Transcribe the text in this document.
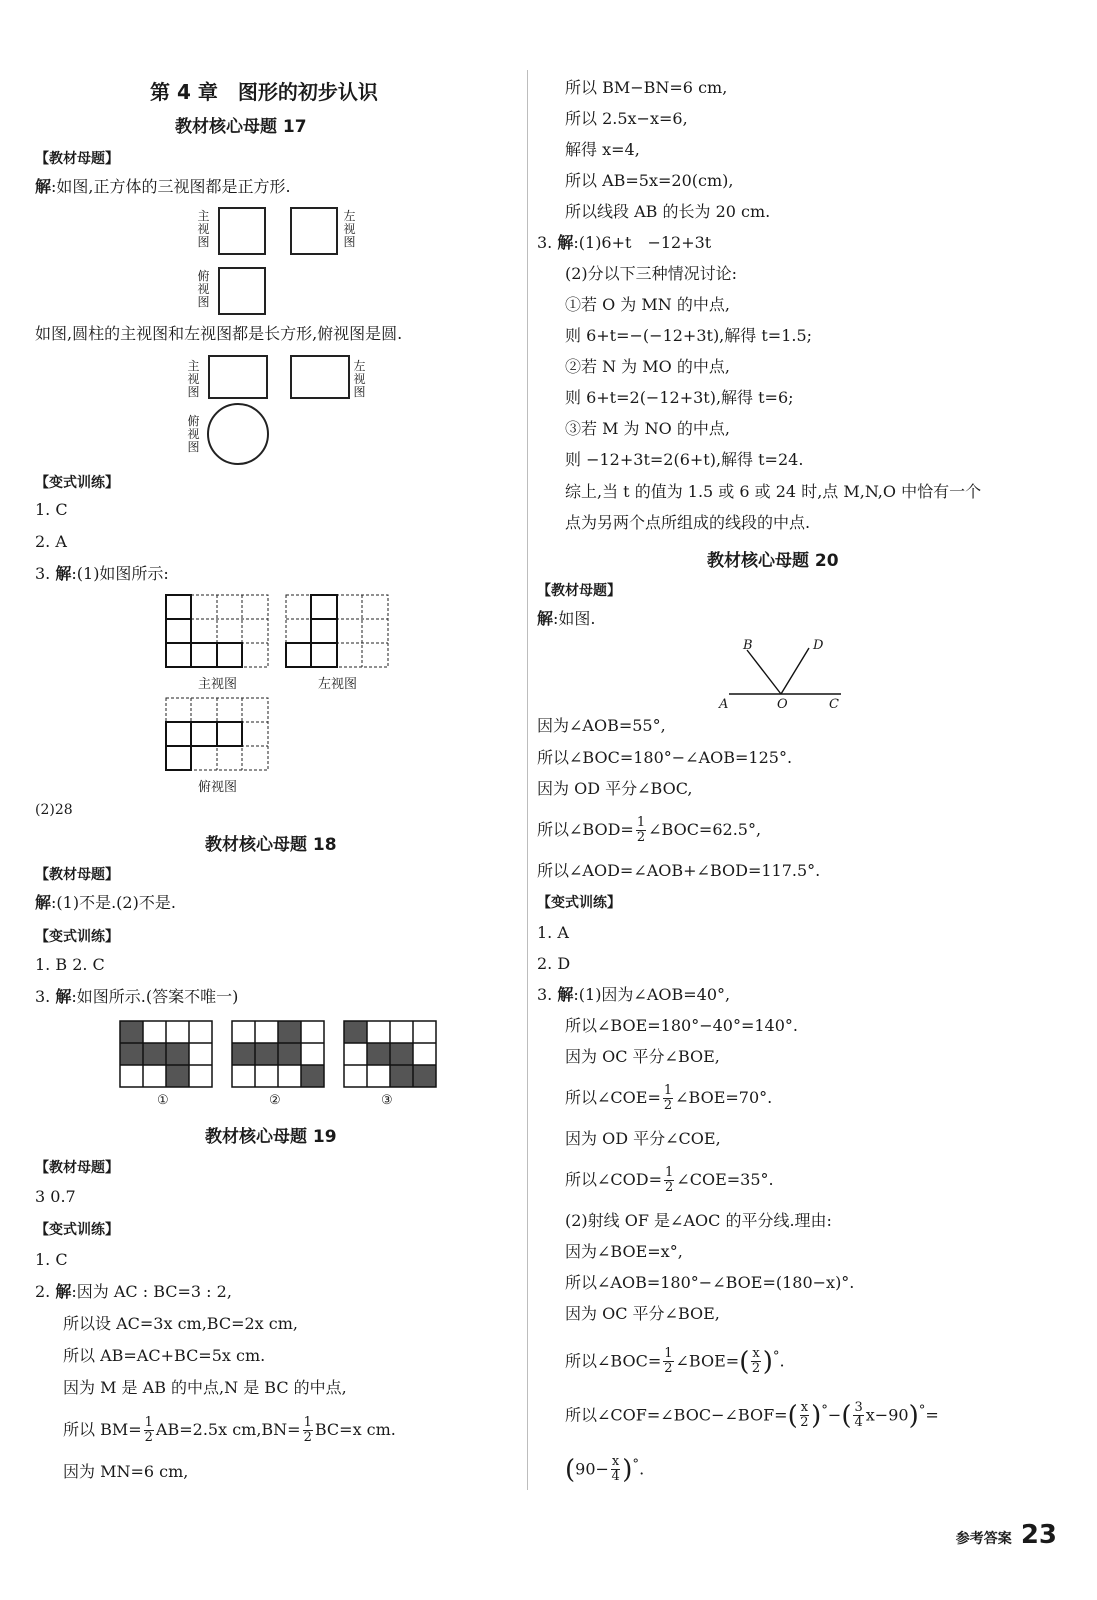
第 4 章　图形的初步认识
教材核心母题 17
【教材母题】
解:如图,正方体的三视图都是正方形.
主视图
左视图
俯视图
如图,圆柱的主视图和左视图都是长方形,俯视图是圆.
主视图
左视图
俯视图
【变式训练】
1. C
2. A
3. 解:(1)如图所示:
主视图	左视图
俯视图
(2)28
教材核心母题 18
【教材母题】
解:(1)不是.(2)不是.
【变式训练】
1. B 2. C
3. 解:如图所示.(答案不唯一)
①	②	③
教材核心母题 19
【教材母题】
3 0.7
【变式训练】
1. C
2. 解:因为 AC : BC=3 : 2,
所以设 AC=3x cm,BC=2x cm,
所以 AB=AC+BC=5x cm.
因为 M 是 AB 的中点,N 是 BC 的中点,
所以 $BM= \frac{1}{2} AB=2.5x$ $cm,BN= \frac{1}{2} BC=x$ cm.
因为 MN=6 cm,
所以 BM−BN=6 cm,
所以 2.5x−x=6,
解得 x=4,
所以 AB=5x=20(cm),
所以线段 AB 的长为 20 cm.
3. 解:(1)6+t　−12+3t
(2)分以下三种情况讨论:
①若 O 为 MN 的中点,
则 6+t=−(−12+3t),解得 t=1.5;
②若 N 为 MO 的中点,
则 6+t=2(−12+3t),解得 t=6;
③若 M 为 NO 的中点,
则 −12+3t=2(6+t),解得 t=24.
综上,当 t 的值为 1.5 或 6 或 24 时,点 M,N,O 中恰有一个
点为另两个点所组成的线段的中点.
教材核心母题 20
【教材母题】
解:如图.
A
B
C
D
O
因为∠AOB=55°,
所以∠BOC=180°−∠AOB=125°.
因为 OD 平分∠BOC,
所以∠BOD= $\frac{1}{2}$ ∠BOC=62.5°,
所以∠AOD=∠AOB+∠BOD=117.5°.
【变式训练】
1. A
2. D
3. 解:(1)因为∠AOB=40°,
所以∠BOE=180°−40°=140°.
因为 OC 平分∠BOE,
所以∠COE= $\frac{1}{2}$ ∠BOE=70°.
因为 OD 平分∠COE,
所以∠COD= $\frac{1}{2}$ ∠COE=35°.
(2)射线 OF 是∠AOC 的平分线.理由:
因为∠BOE=x°,
所以∠AOB=180°−∠BOE=(180−x)°.
因为 OC 平分∠BOE,
所以∠BOC= $\frac{1}{2}$ ∠BOE=( $\frac{x}{2} )^\circ$.
所以∠COF=∠BOC−∠BOF=( $\frac{x}{2} )^\circ-( \frac{3}{4} x-90)^\circ=$
$(90- \frac{x}{4} )^\circ$.
参考答案 23
